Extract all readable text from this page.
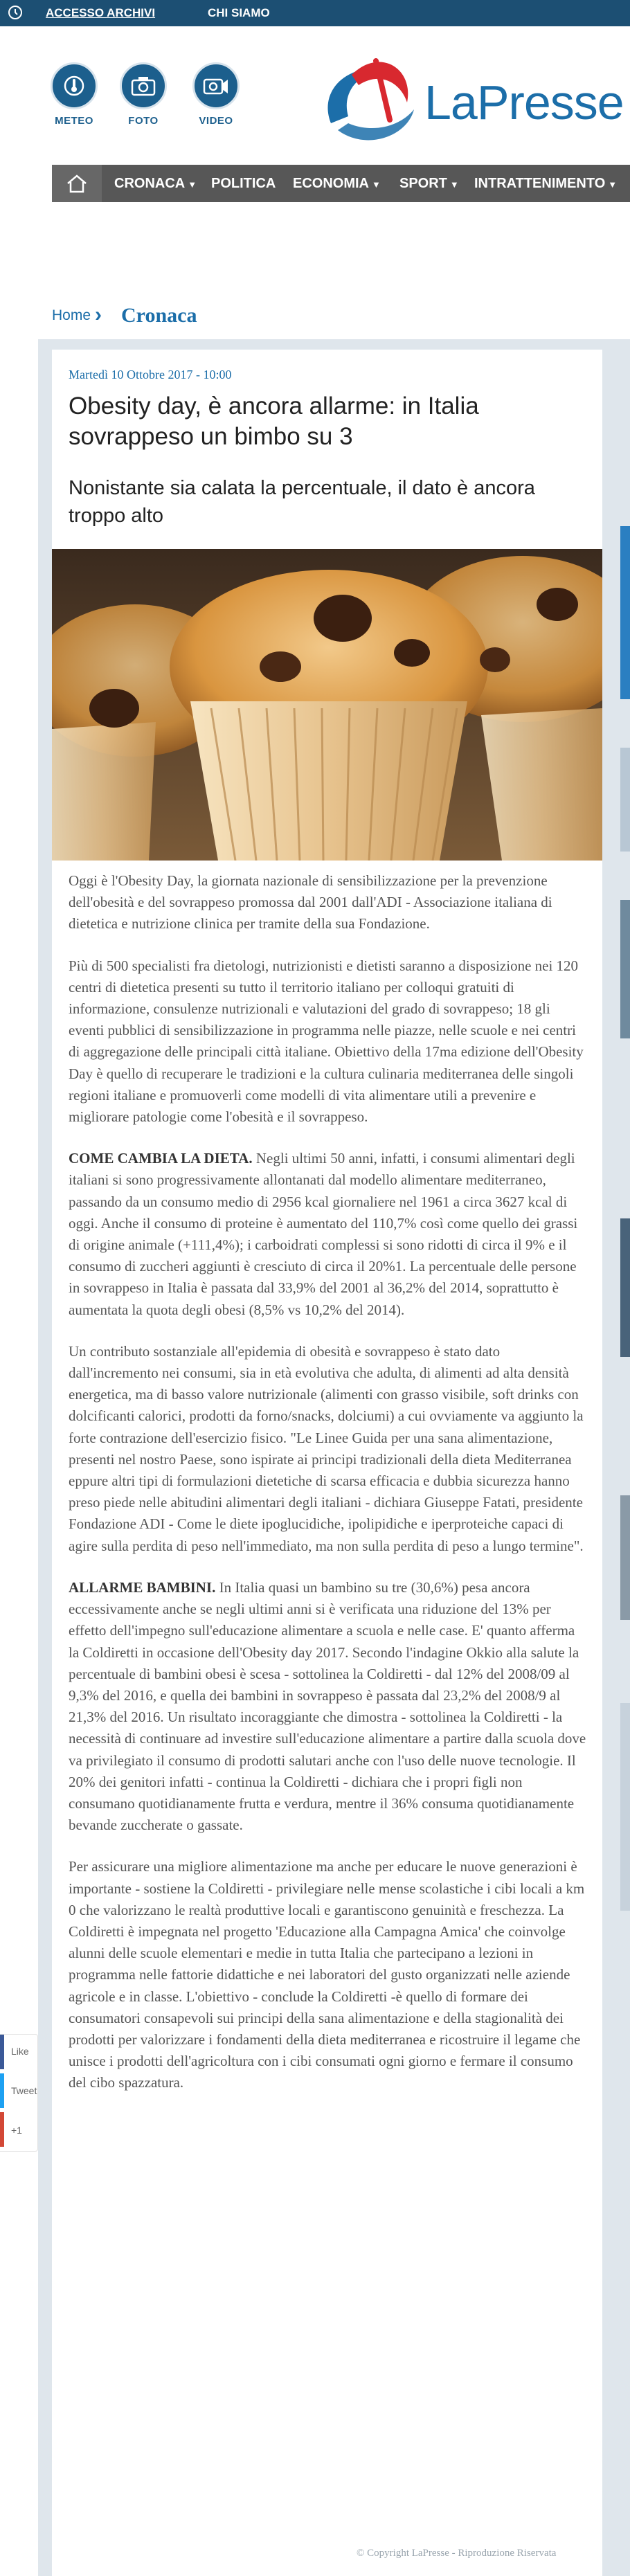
ACCESSO ARCHIVI	CHI SIAMO
METEO	FOTO	VIDEO	LaPresse
CRONACA ▼ POLITICA ECONOMIA ▼ SPORT ▼ INTRATTENIMENTO ▼
Home › Cronaca
Martedì 10 Ottobre 2017 - 10:00
Obesity day, è ancora allarme: in Italia sovrappeso un bimbo su 3
Nonistante sia calata la percentuale, il dato è ancora troppo alto

Oggi è l'Obesity Day, la giornata nazionale di sensibilizzazione per la prevenzione dell'obesità e del sovrappeso promossa dal 2001 dall'ADI - Associazione italiana di dietetica e nutrizione clinica per tramite della sua Fondazione.

Più di 500 specialisti fra dietologi, nutrizionisti e dietisti saranno a disposizione nei 120 centri di dietetica presenti su tutto il territorio italiano per colloqui gratuiti di informazione, consulenze nutrizionali e valutazioni del grado di sovrappeso; 18 gli eventi pubblici di sensibilizzazione in programma nelle piazze, nelle scuole e nei centri di aggregazione delle principali città italiane. Obiettivo della 17ma edizione dell'Obesity Day è quello di recuperare le tradizioni e la cultura culinaria mediterranea delle singoli regioni italiane e promuoverli come modelli di vita alimentare utili a prevenire e migliorare patologie come l'obesità e il sovrappeso.

COME CAMBIA LA DIETA. Negli ultimi 50 anni, infatti, i consumi alimentari degli italiani si sono progressivamente allontanati dal modello alimentare mediterraneo, passando da un consumo medio di 2956 kcal giornaliere nel 1961 a circa 3627 kcal di oggi. Anche il consumo di proteine è aumentato del 110,7% così come quello dei grassi di origine animale (+111,4%); i carboidrati complessi si sono ridotti di circa il 9% e il consumo di zuccheri aggiunti è cresciuto di circa il 20%1. La percentuale delle persone in sovrappeso in Italia è passata dal 33,9% del 2001 al 36,2% del 2014, soprattutto è aumentata la quota degli obesi (8,5% vs 10,2% del 2014).

Un contributo sostanziale all'epidemia di obesità e sovrappeso è stato dato dall'incremento nei consumi, sia in età evolutiva che adulta, di alimenti ad alta densità energetica, ma di basso valore nutrizionale (alimenti con grasso visibile, soft drinks con dolcificanti calorici, prodotti da forno/snacks, dolciumi) a cui ovviamente va aggiunto la forte contrazione dell'esercizio fisico. "Le Linee Guida per una sana alimentazione, presenti nel nostro Paese, sono ispirate ai principi tradizionali della dieta Mediterranea eppure altri tipi di formulazioni dietetiche di scarsa efficacia e dubbia sicurezza hanno preso piede nelle abitudini alimentari degli italiani - dichiara Giuseppe Fatati, presidente Fondazione ADI - Come le diete ipoglucidiche, ipolipidiche e iperproteiche capaci di agire sulla perdita di peso nell'immediato, ma non sulla perdita di peso a lungo termine".

ALLARME BAMBINI. In Italia quasi un bambino su tre (30,6%) pesa ancora eccessivamente anche se negli ultimi anni si è verificata una riduzione del 13% per effetto dell'impegno sull'educazione alimentare a scuola e nelle case. E' quanto afferma la Coldiretti in occasione dell'Obesity day 2017. Secondo l'indagine Okkio alla salute la percentuale di bambini obesi è scesa - sottolinea la Coldiretti - dal 12% del 2008/09 al 9,3% del 2016, e quella dei bambini in sovrappeso è passata dal 23,2% del 2008/9 al 21,3% del 2016. Un risultato incoraggiante che dimostra - sottolinea la Coldiretti - la necessità di continuare ad investire sull'educazione alimentare a partire dalla scuola dove va privilegiato il consumo di prodotti salutari anche con l'uso delle nuove tecnologie. Il 20% dei genitori infatti - continua la Coldiretti - dichiara che i propri figli non consumano quotidianamente frutta e verdura, mentre il 36% consuma quotidianamente bevande zuccherate o gassate.

Per assicurare una migliore alimentazione ma anche per educare le nuove generazioni è importante - sostiene la Coldiretti - privilegiare nelle mense scolastiche i cibi locali a km 0 che valorizzano le realtà produttive locali e garantiscono genuinità e freschezza. La Coldiretti è impegnata nel progetto 'Educazione alla Campagna Amica' che coinvolge alunni delle scuole elementari e medie in tutta Italia che partecipano a lezioni in programma nelle fattorie didattiche e nei laboratori del gusto organizzati nelle aziende agricole e in classe. L'obiettivo - conclude la Coldiretti -è quello di formare dei consumatori consapevoli sui principi della sana alimentazione e della stagionalità dei prodotti per valorizzare i fondamenti della dieta mediterranea e ricostruire il legame che unisce i prodotti dell'agricoltura con i cibi consumati ogni giorno e fermare il consumo del cibo spazzatura.

© Copyright LaPresse - Riproduzione Riservata
Like
Tweet
+1
